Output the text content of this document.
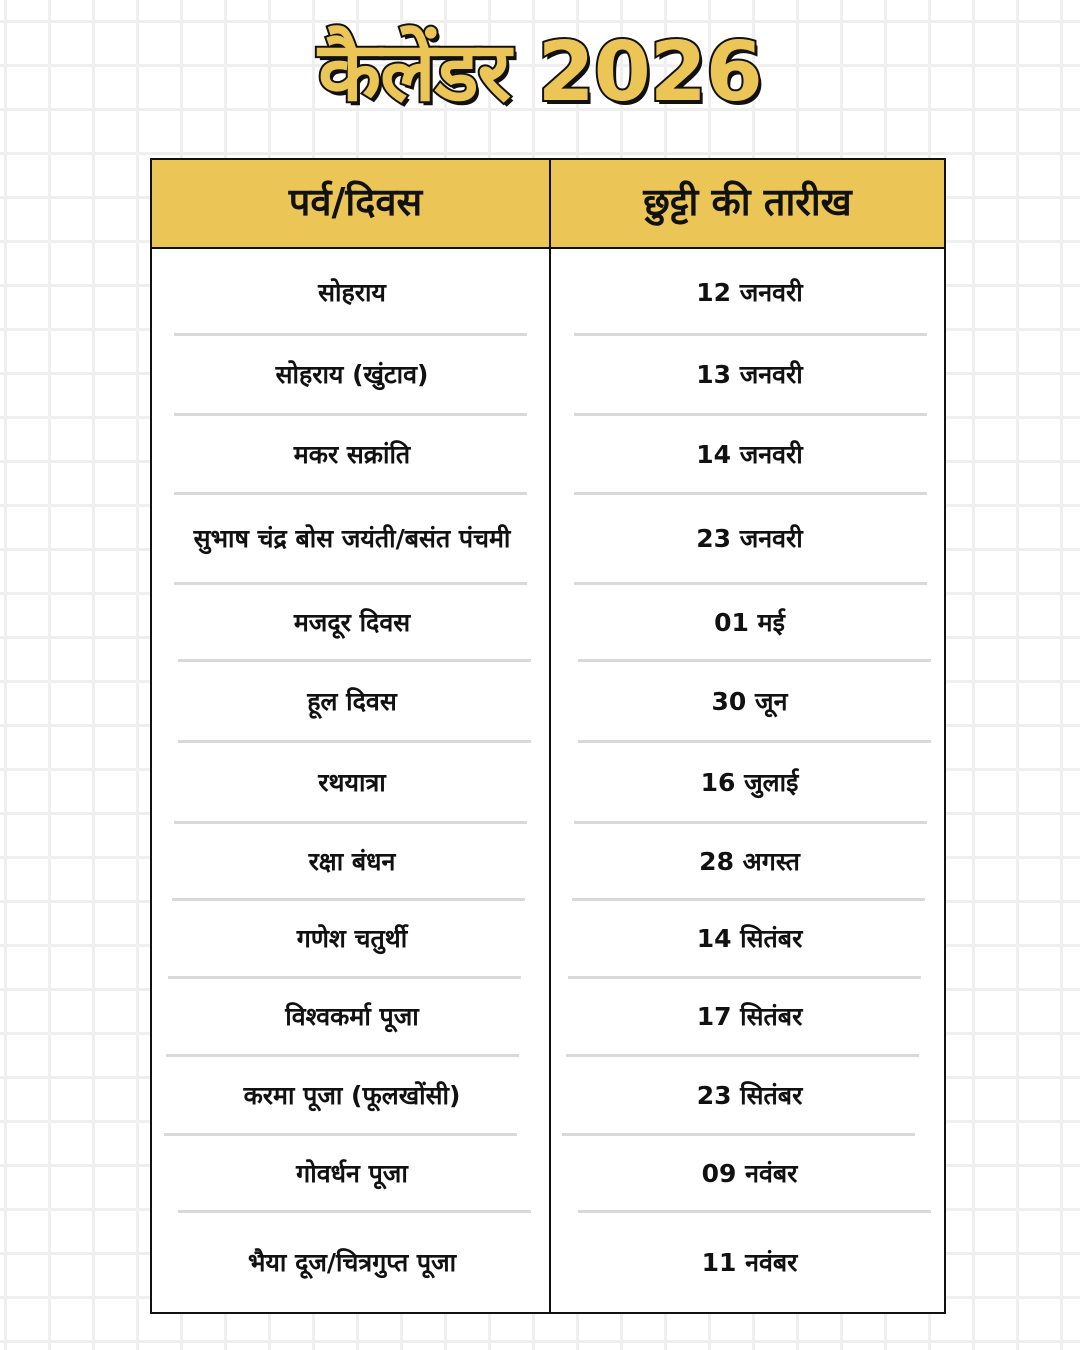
कैलेंडर 2026
पर्व/दिवस	छुट्टी की तारीख
सोहराय	12 जनवरी
सोहराय (खुंटाव)	13 जनवरी
मकर सक्रांति	14 जनवरी
सुभाष चंद्र बोस जयंती/बसंत पंचमी	23 जनवरी
मजदूर दिवस	01 मई
हूल दिवस	30 जून
रथयात्रा	16 जुलाई
रक्षा बंधन	28 अगस्त
गणेश चतुर्थी	14 सितंबर
विश्वकर्मा पूजा	17 सितंबर
करमा पूजा (फूलखोंसी)	23 सितंबर
गोवर्धन पूजा	09 नवंबर
भैया दूज/चित्रगुप्त पूजा	11 नवंबर
